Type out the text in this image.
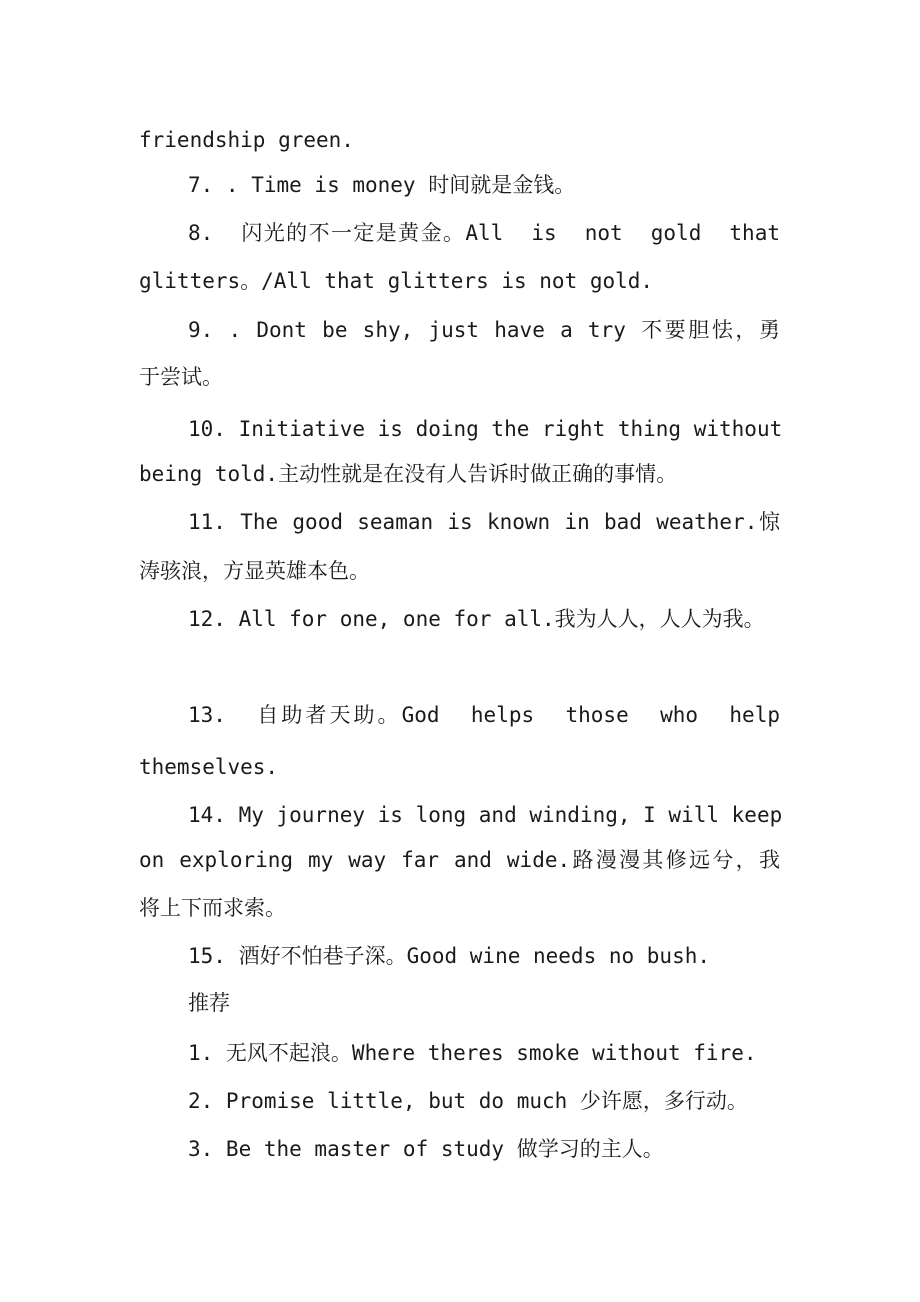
friendship green.
7. . Time is money 时间就是金钱。
8.  闪光的不一定是黄金。All  is  not  gold  that
glitters。/All that glitters is not gold.
9. . Dont be shy, just have a try 不要胆怯，勇
于尝试。
10. Initiative is doing the right thing without
being told.主动性就是在没有人告诉时做正确的事情。
11. The good seaman is known in bad weather.惊
涛骇浪，方显英雄本色。
12. All for one, one for all.我为人人，人人为我。
13.  自助者天助。God  helps  those  who  help
themselves.
14. My journey is long and winding, I will keep
on exploring my way far and wide.路漫漫其修远兮，我
将上下而求索。
15. 酒好不怕巷子深。Good wine needs no bush.
推荐
1. 无风不起浪。Where theres smoke without fire.
2. Promise little, but do much 少许愿，多行动。
3. Be the master of study 做学习的主人。
